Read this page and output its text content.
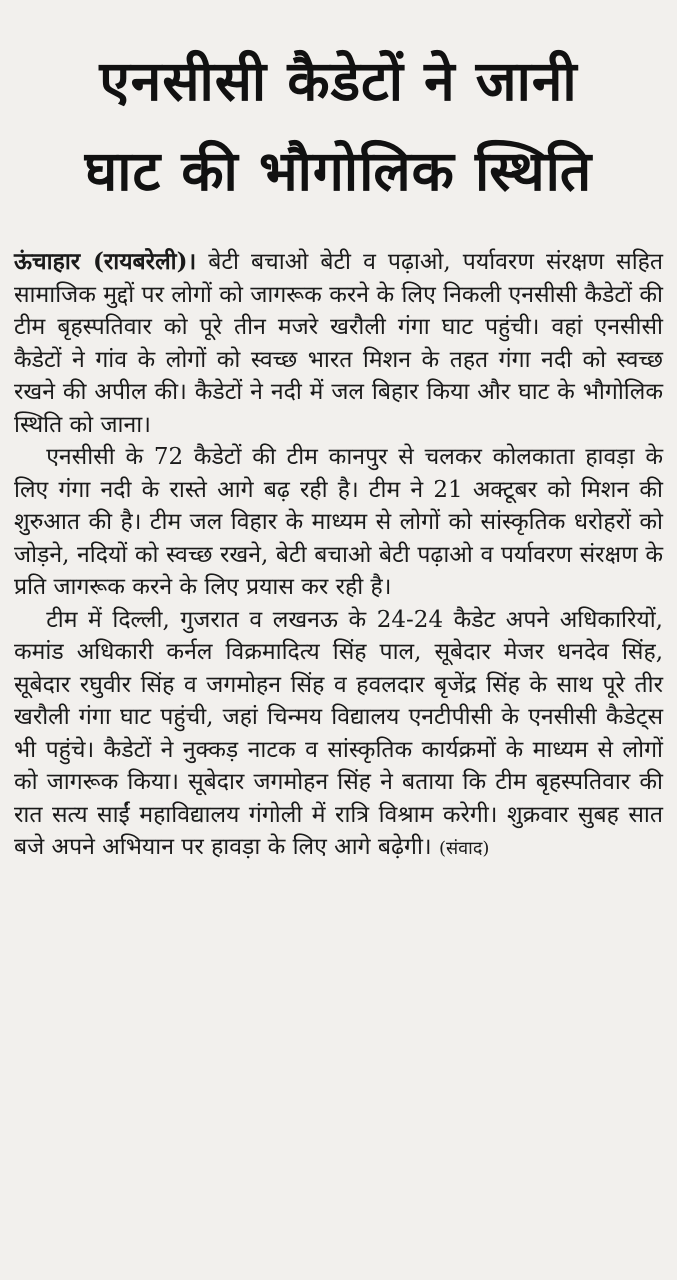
एनसीसी कैडेटों ने जानी
घाट की भौगोलिक स्थिति

ऊंचाहार (रायबरेली)। बेटी बचाओ बेटी व पढ़ाओ, पर्यावरण संरक्षण सहित सामाजिक मुद्दों पर लोगों को जागरूक करने के लिए निकली एनसीसी कैडेटों की टीम बृहस्पतिवार को पूरे तीन मजरे खरौली गंगा घाट पहुंची। वहां एनसीसी कैडेटों ने गांव के लोगों को स्वच्छ भारत मिशन के तहत गंगा नदी को स्वच्छ रखने की अपील की। कैडेटों ने नदी में जल बिहार किया और घाट के भौगोलिक स्थिति को जाना।

एनसीसी के 72 कैडेटों की टीम कानपुर से चलकर कोलकाता हावड़ा के लिए गंगा नदी के रास्ते आगे बढ़ रही है। टीम ने 21 अक्टूबर को मिशन की शुरुआत की है। टीम जल विहार के माध्यम से लोगों को सांस्कृतिक धरोहरों को जोड़ने, नदियों को स्वच्छ रखने, बेटी बचाओ बेटी पढ़ाओ व पर्यावरण संरक्षण के प्रति जागरूक करने के लिए प्रयास कर रही है।

टीम में दिल्ली, गुजरात व लखनऊ के 24-24 कैडेट अपने अधिकारियों, कमांड अधिकारी कर्नल विक्रमादित्य सिंह पाल, सूबेदार मेजर धनदेव सिंह, सूबेदार रघुवीर सिंह व जगमोहन सिंह व हवलदार बृजेंद्र सिंह के साथ पूरे तीर खरौली गंगा घाट पहुंची, जहां चिन्मय विद्यालय एनटीपीसी के एनसीसी कैडेट्स भी पहुंचे। कैडेटों ने नुक्कड़ नाटक व सांस्कृतिक कार्यक्रमों के माध्यम से लोगों को जागरूक किया। सूबेदार जगमोहन सिंह ने बताया कि टीम बृहस्पतिवार की रात सत्य साईं महाविद्यालय गंगोली में रात्रि विश्राम करेगी। शुक्रवार सुबह सात बजे अपने अभियान पर हावड़ा के लिए आगे बढ़ेगी। (संवाद)
